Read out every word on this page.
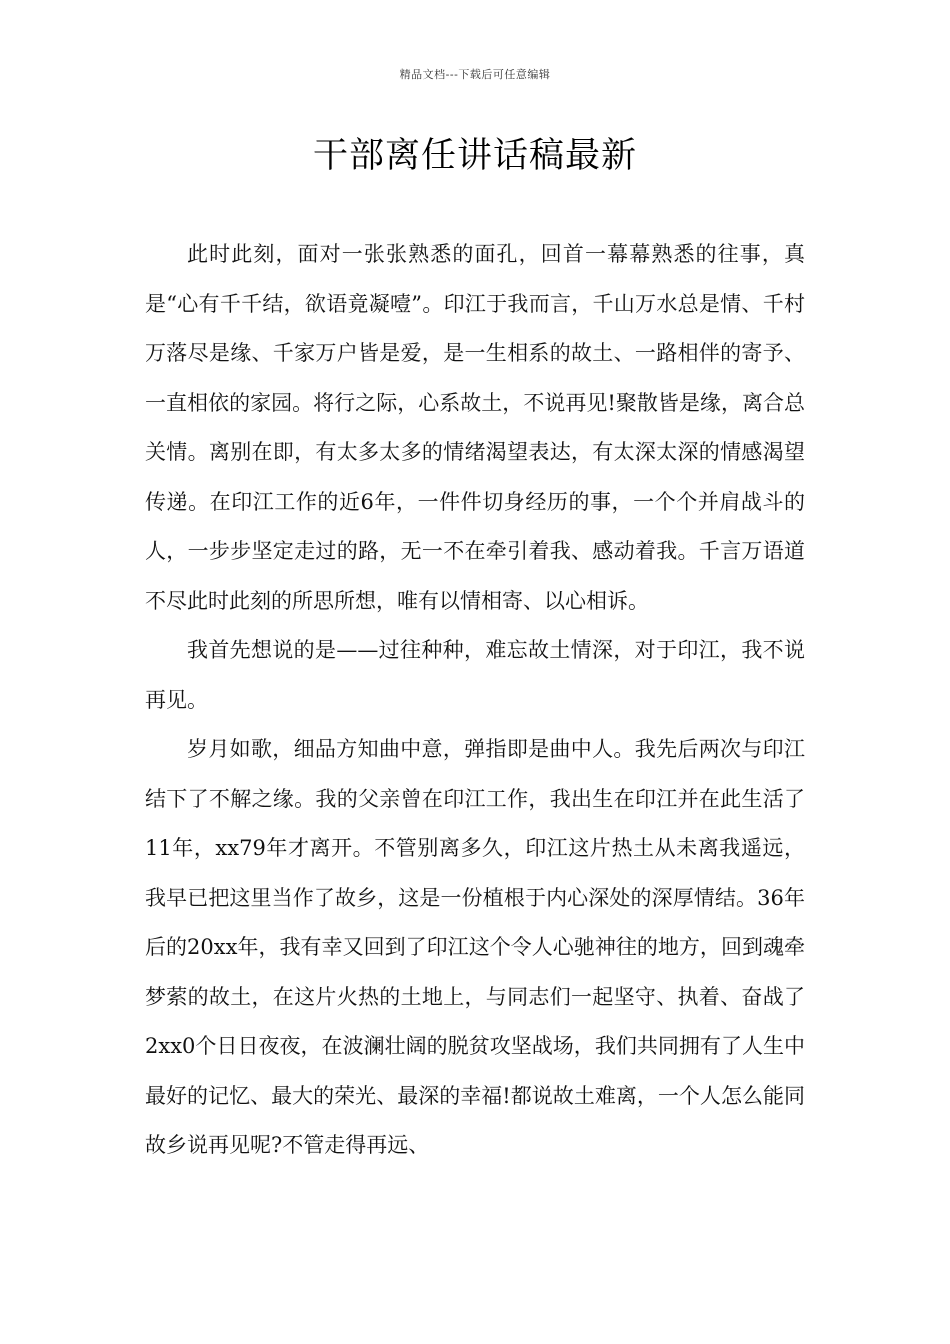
精品文档---下载后可任意编辑
干部离任讲话稿最新

此时此刻，面对一张张熟悉的面孔，回首一幕幕熟悉的往事，真是“心有千千结，欲语竟凝噎”。印江于我而言，千山万水总是情、千村万落尽是缘、千家万户皆是爱，是一生相系的故土、一路相伴的寄予、一直相依的家园。将行之际，心系故土，不说再见!聚散皆是缘，离合总关情。离别在即，有太多太多的情绪渴望表达，有太深太深的情感渴望传递。在印江工作的近6年，一件件切身经历的事，一个个并肩战斗的人，一步步坚定走过的路，无一不在牵引着我、感动着我。千言万语道不尽此时此刻的所思所想，唯有以情相寄、以心相诉。

我首先想说的是——过往种种，难忘故土情深，对于印江，我不说再见。

岁月如歌，细品方知曲中意，弹指即是曲中人。我先后两次与印江结下了不解之缘。我的父亲曾在印江工作，我出生在印江并在此生活了11年，xx79年才离开。不管别离多久，印江这片热土从未离我遥远，我早已把这里当作了故乡，这是一份植根于内心深处的深厚情结。36年后的20xx年，我有幸又回到了印江这个令人心驰神往的地方，回到魂牵梦萦的故土，在这片火热的土地上，与同志们一起坚守、执着、奋战了2xx0个日日夜夜，在波澜壮阔的脱贫攻坚战场，我们共同拥有了人生中最好的记忆、最大的荣光、最深的幸福!都说故土难离，一个人怎么能同故乡说再见呢?不管走得再远、
